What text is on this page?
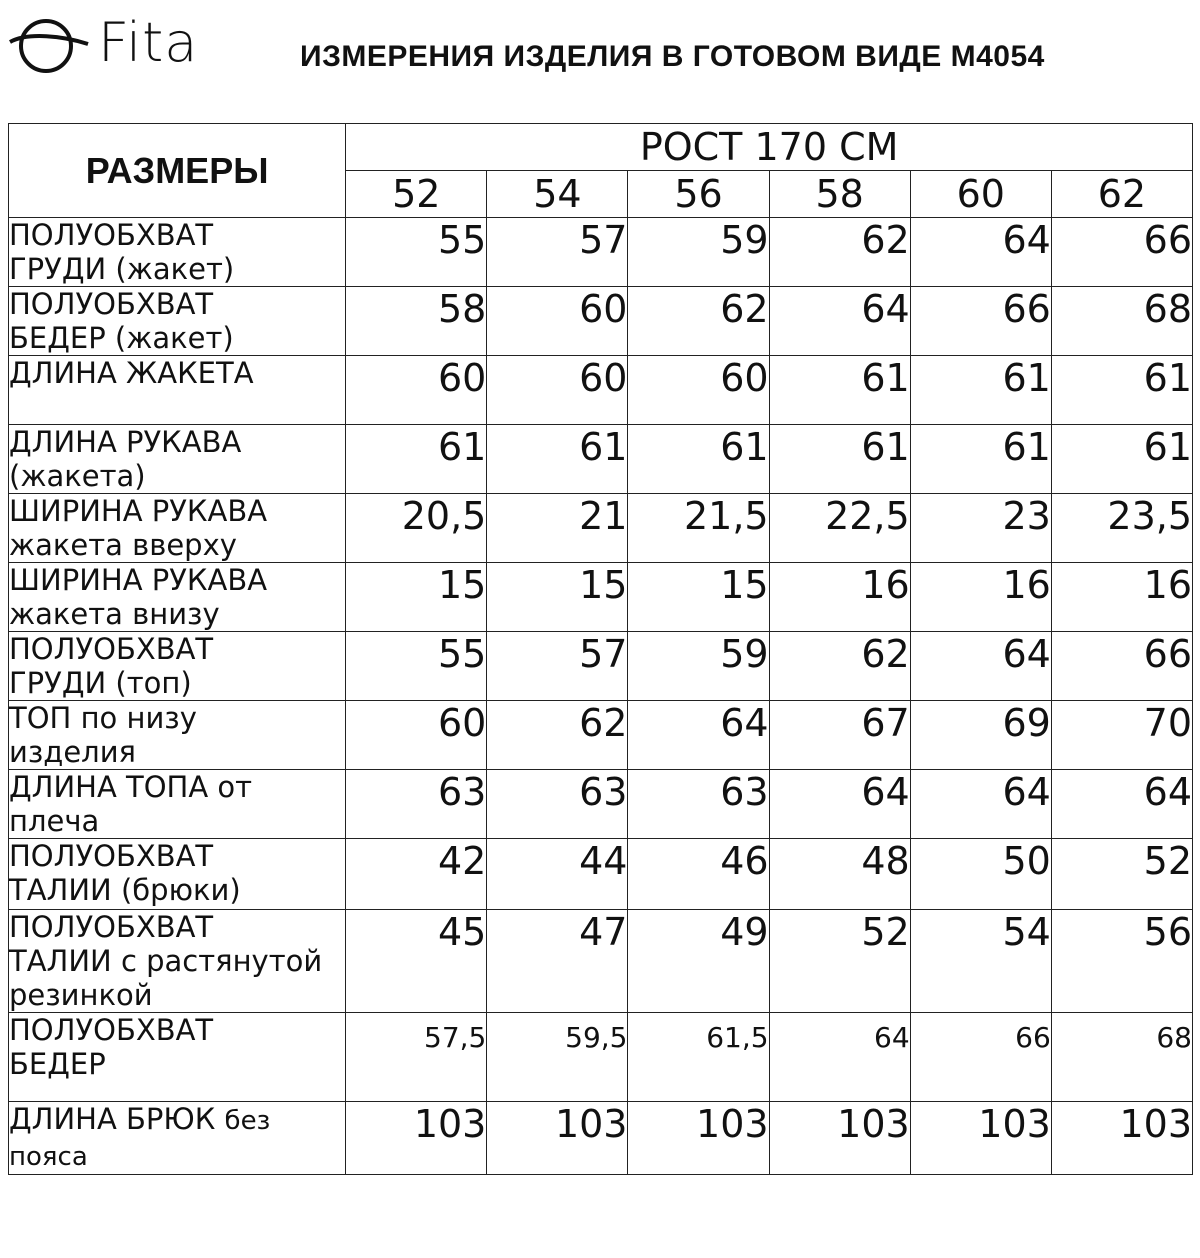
Fita	ИЗМЕРЕНИЯ ИЗДЕЛИЯ В ГОТОВОМ ВИДЕ М4054
РАЗМЕРЫ	РОСТ 170 СМ					
	52	54	56	58	60	62
ПОЛУОБХВАТ
ГРУДИ (жакет)	55	57	59	62	64	66
ПОЛУОБХВАТ
БЕДЕР (жакет)	58	60	62	64	66	68
ДЛИНА ЖАКЕТА	60	60	60	61	61	61
ДЛИНА РУКАВА
(жакета)	61	61	61	61	61	61
ШИРИНА РУКАВА
жакета вверху	20,5	21	21,5	22,5	23	23,5
ШИРИНА РУКАВА
жакета внизу	15	15	15	16	16	16
ПОЛУОБХВАТ
ГРУДИ (топ)	55	57	59	62	64	66
ТОП по низу
изделия	60	62	64	67	69	70
ДЛИНА ТОПА от
плеча	63	63	63	64	64	64
ПОЛУОБХВАТ
ТАЛИИ (брюки)	42	44	46	48	50	52
ПОЛУОБХВАТ
ТАЛИИ с растянутой
резинкой	45	47	49	52	54	56
ПОЛУОБХВАТ
БЕДЕР	57,5	59,5	61,5	64	66	68
ДЛИНА БРЮК без
пояса	103	103	103	103	103	103
